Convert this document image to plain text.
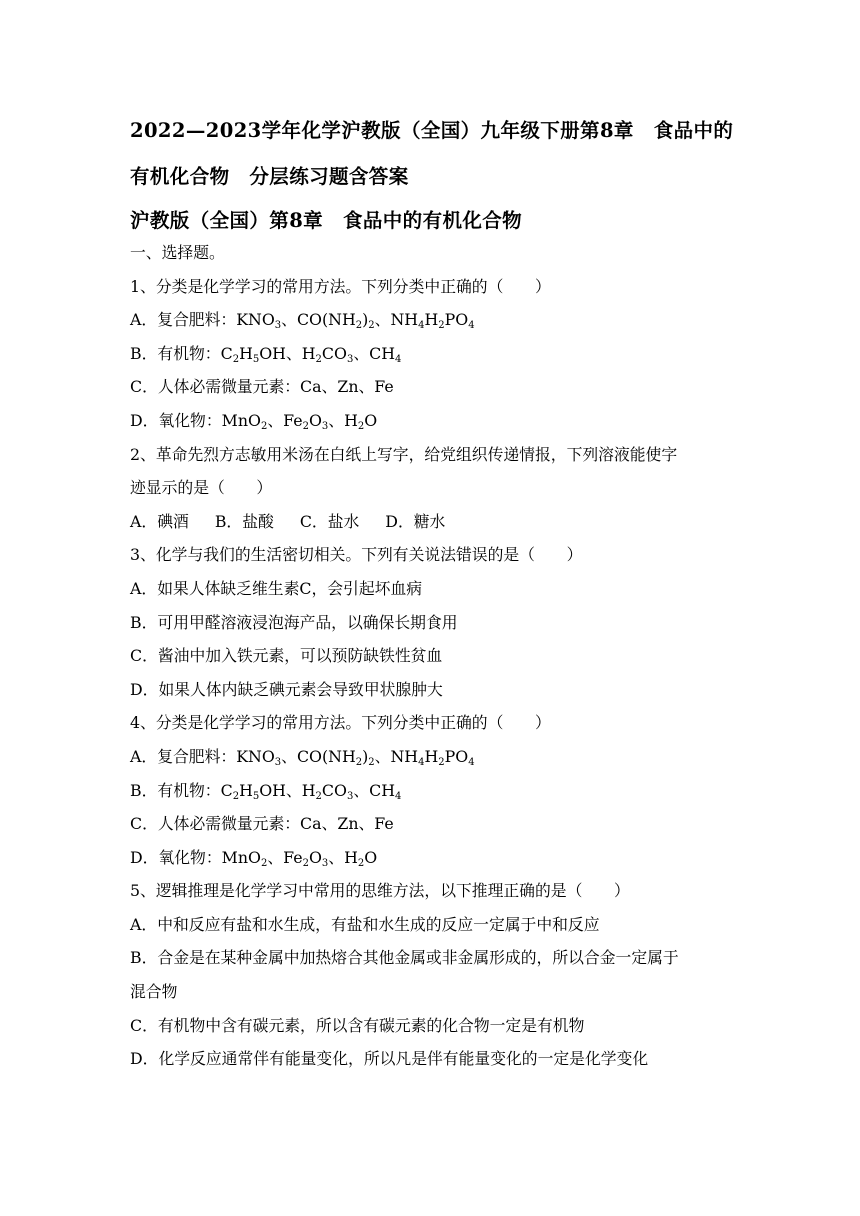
2022—2023学年化学沪教版（全国）九年级下册第8章　食品中的
有机化合物　分层练习题含答案
沪教版（全国）第8章　食品中的有机化合物
一、选择题。
1、分类是化学学习的常用方法。下列分类中正确的（　　）
A．复合肥料：$KNO_3$、$CO(NH_2)_2$、$NH_4H_2PO_4$
B．有机物：$C_2H_5OH$、$H_2CO_3$、$CH_4$
C．人体必需微量元素：Ca、Zn、Fe
D．氧化物：MnO$_2$、$Fe_2O_3$、$H_2O$
2、革命先烈方志敏用米汤在白纸上写字，给党组织传递情报，下列溶液能使字
迹显示的是（　　）
A．碘酒 B．盐酸 C．盐水 D．糖水
3、化学与我们的生活密切相关。下列有关说法错误的是（　　）
A．如果人体缺乏维生素C，会引起坏血病
B．可用甲醛溶液浸泡海产品，以确保长期食用
C．酱油中加入铁元素，可以预防缺铁性贫血
D．如果人体内缺乏碘元素会导致甲状腺肿大
4、分类是化学学习的常用方法。下列分类中正确的（　　）
A．复合肥料：$KNO_3$、$CO(NH_2)_2$、$NH_4H_2PO_4$
B．有机物：$C_2H_5OH$、$H_2CO_3$、$CH_4$
C．人体必需微量元素：Ca、Zn、Fe
D．氧化物：MnO$_2$、$Fe_2O_3$、$H_2O$
5、逻辑推理是化学学习中常用的思维方法，以下推理正确的是（　　）
A．中和反应有盐和水生成，有盐和水生成的反应一定属于中和反应
B．合金是在某种金属中加热熔合其他金属或非金属形成的，所以合金一定属于
混合物
C．有机物中含有碳元素，所以含有碳元素的化合物一定是有机物
D．化学反应通常伴有能量变化，所以凡是伴有能量变化的一定是化学变化
